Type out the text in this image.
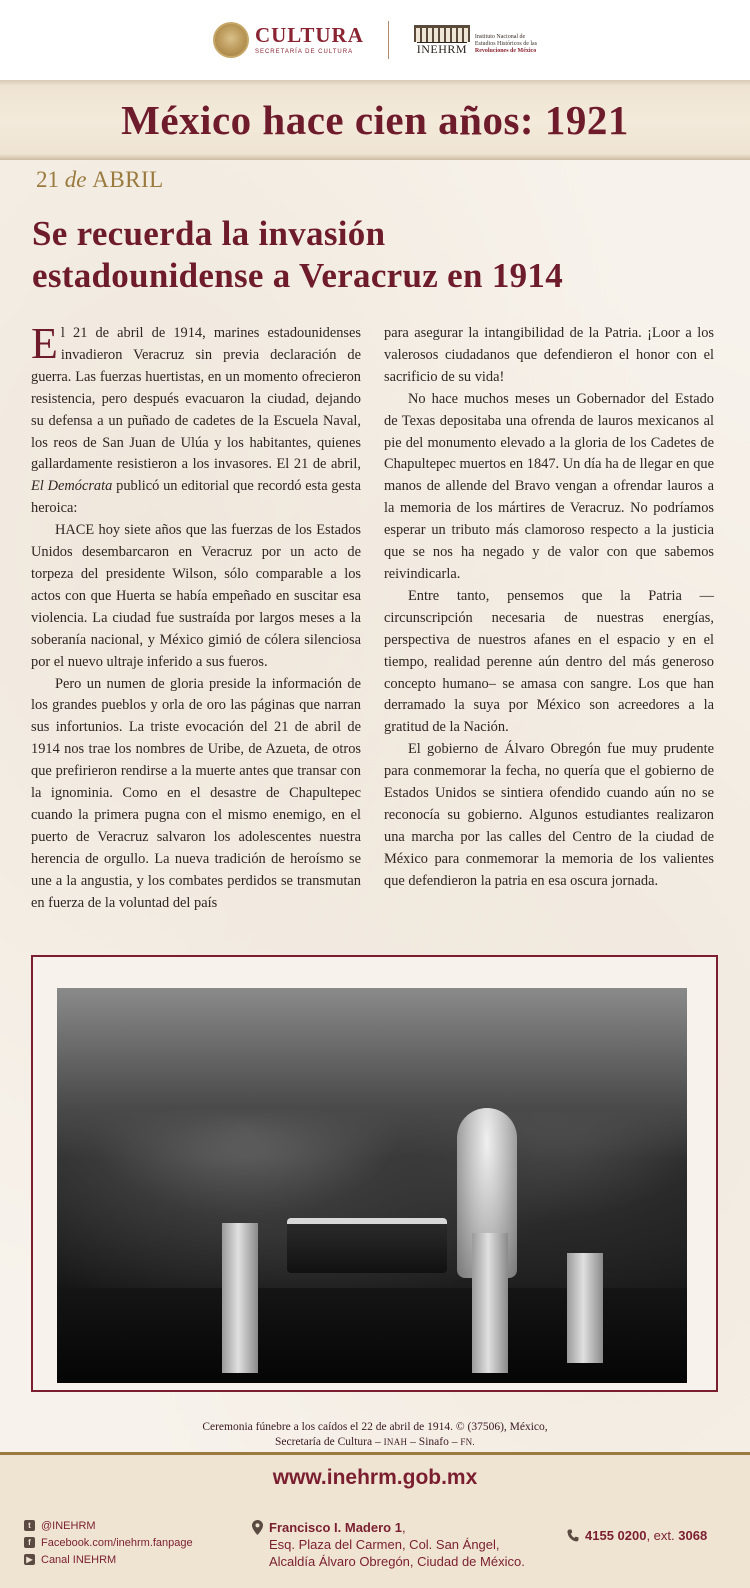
CULTURA
SECRETARÍA DE CULTURA	INEHRM
Instituto Nacional de
Estudios Históricos de las
Revoluciones de México
México hace cien años: 1921
21 de ABRIL
Se recuerda la invasión
estadounidense a Veracruz en 1914

El 21 de abril de 1914, marines estadounidenses invadieron Veracruz sin previa declaración de guerra. Las fuerzas huertistas, en un momento ofrecieron resistencia, pero después evacuaron la ciudad, dejando su defensa a un puñado de cadetes de la Escuela Naval, los reos de San Juan de Ulúa y los habitantes, quienes gallardamente resistieron a los invasores. El 21 de abril, El Demócrata publicó un editorial que recordó esta gesta heroica:

HACE hoy siete años que las fuerzas de los Estados Unidos desembarcaron en Veracruz por un acto de torpeza del presidente Wilson, sólo comparable a los actos con que Huerta se había empeñado en suscitar esa violencia. La ciudad fue sustraída por largos meses a la soberanía nacional, y México gimió de cólera silenciosa por el nuevo ultraje inferido a sus fueros.

Pero un numen de gloria preside la información de los grandes pueblos y orla de oro las páginas que narran sus infortunios. La triste evocación del 21 de abril de 1914 nos trae los nombres de Uribe, de Azueta, de otros que prefirieron rendirse a la muerte antes que transar con la ignominia. Como en el desastre de Chapultepec cuando la primera pugna con el mismo enemigo, en el puerto de Veracruz salvaron los adolescentes nuestra herencia de orgullo. La nueva tradición de heroísmo se une a la angustia, y los combates perdidos se transmutan en fuerza de la voluntad del país

para asegurar la intangibilidad de la Patria. ¡Loor a los valerosos ciudadanos que defendieron el honor con el sacrificio de su vida!

No hace muchos meses un Gobernador del Estado de Texas depositaba una ofrenda de lauros mexicanos al pie del monumento elevado a la gloria de los Cadetes de Chapultepec muertos en 1847. Un día ha de llegar en que manos de allende del Bravo vengan a ofrendar lauros a la memoria de los mártires de Veracruz. No podríamos esperar un tributo más clamoroso respecto a la justicia que se nos ha negado y de valor con que sabemos reivindicarla.

Entre tanto, pensemos que la Patria —circunscripción necesaria de nuestras energías, perspectiva de nuestros afanes en el espacio y en el tiempo, realidad perenne aún dentro del más generoso concepto humano– se amasa con sangre. Los que han derramado la suya por México son acreedores a la gratitud de la Nación.

El gobierno de Álvaro Obregón fue muy prudente para conmemorar la fecha, no quería que el gobierno de Estados Unidos se sintiera ofendido cuando aún no se reconocía su gobierno. Algunos estudiantes realizaron una marcha por las calles del Centro de la ciudad de México para conmemorar la memoria de los valientes que defendieron la patria en esa oscura jornada.

Ceremonia fúnebre a los caídos el 22 de abril de 1914. © (37506), México,
Secretaría de Cultura – INAH – Sinafo – FN.
www.inehrm.gob.mx
t @INEHRM
f Facebook.com/inehrm.fanpage
▶ Canal INEHRM
Francisco I. Madero 1,
Esq. Plaza del Carmen, Col. San Ángel,
Alcaldía Álvaro Obregón, Ciudad de México.
4155 0200, ext. 3068
